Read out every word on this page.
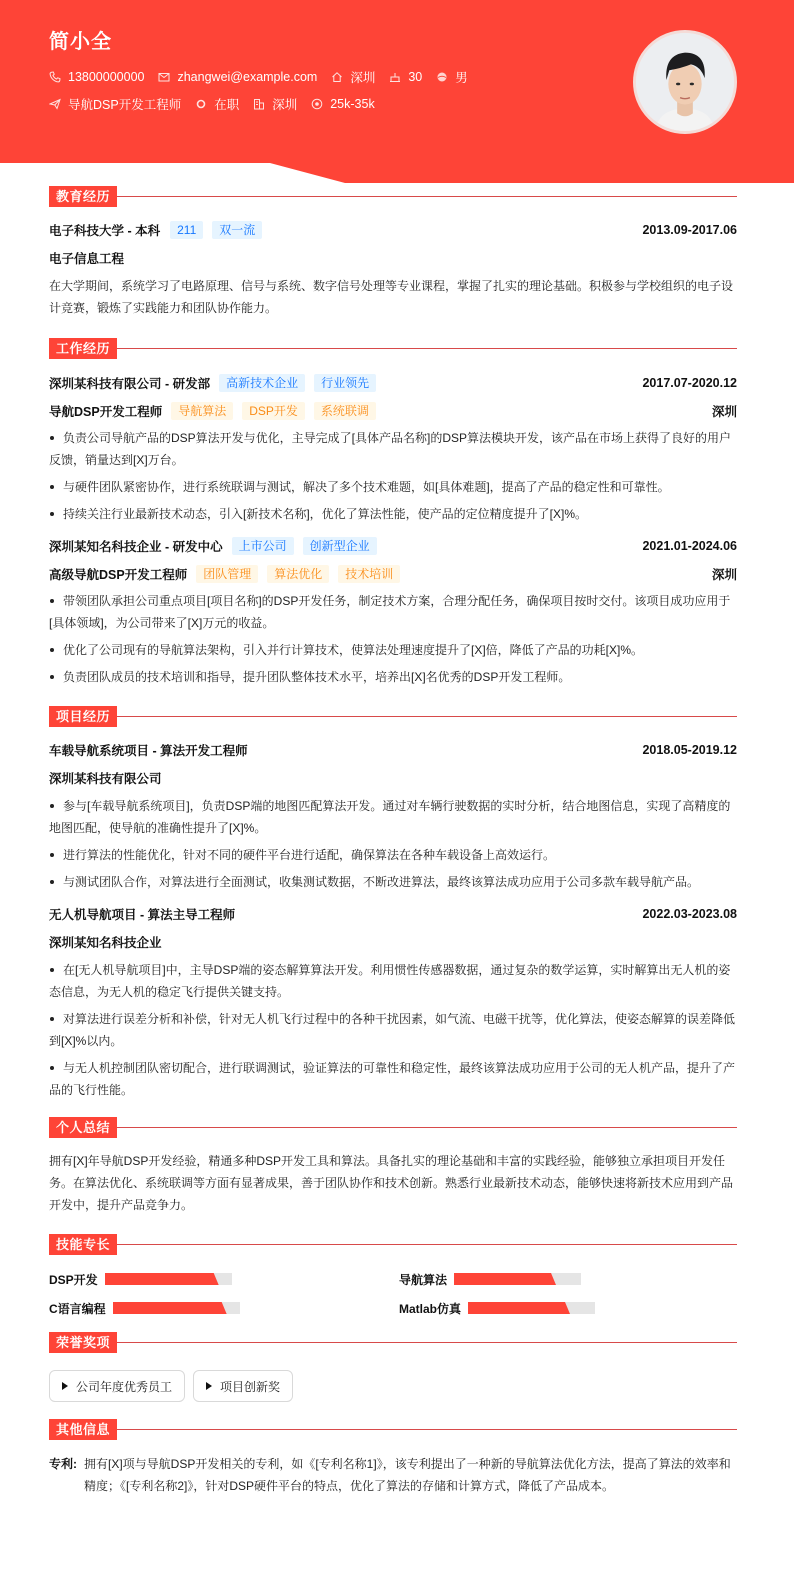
简小全
13800000000	zhangwei@example.com	深圳	30	男
导航DSP开发工程师	在职	深圳	25k-35k
教育经历
电子科技大学 - 本科	211	双一流	2013.09-2017.06
电子信息工程
在大学期间，系统学习了电路原理、信号与系统、数字信号处理等专业课程，掌握了扎实的理论基础。积极参与学校组织的电子设计竞赛，锻炼了实践能力和团队协作能力。
工作经历
深圳某科技有限公司 - 研发部	高新技术企业	行业领先	2017.07-2020.12
导航DSP开发工程师	导航算法	DSP开发	系统联调	深圳
负责公司导航产品的DSP算法开发与优化，主导完成了[具体产品名称]的DSP算法模块开发，该产品在市场上获得了良好的用户反馈，销量达到[X]万台。
与硬件团队紧密协作，进行系统联调与测试，解决了多个技术难题，如[具体难题]，提高了产品的稳定性和可靠性。
持续关注行业最新技术动态，引入[新技术名称]，优化了算法性能，使产品的定位精度提升了[X]%。
深圳某知名科技企业 - 研发中心	上市公司	创新型企业	2021.01-2024.06
高级导航DSP开发工程师	团队管理	算法优化	技术培训	深圳
带领团队承担公司重点项目[项目名称]的DSP开发任务，制定技术方案，合理分配任务，确保项目按时交付。该项目成功应用于[具体领域]，为公司带来了[X]万元的收益。
优化了公司现有的导航算法架构，引入并行计算技术，使算法处理速度提升了[X]倍，降低了产品的功耗[X]%。
负责团队成员的技术培训和指导，提升团队整体技术水平，培养出[X]名优秀的DSP开发工程师。
项目经历
车载导航系统项目 - 算法开发工程师	2018.05-2019.12
深圳某科技有限公司
参与[车载导航系统项目]，负责DSP端的地图匹配算法开发。通过对车辆行驶数据的实时分析，结合地图信息，实现了高精度的地图匹配，使导航的准确性提升了[X]%。
进行算法的性能优化，针对不同的硬件平台进行适配，确保算法在各种车载设备上高效运行。
与测试团队合作，对算法进行全面测试，收集测试数据，不断改进算法，最终该算法成功应用于公司多款车载导航产品。
无人机导航项目 - 算法主导工程师	2022.03-2023.08
深圳某知名科技企业
在[无人机导航项目]中，主导DSP端的姿态解算算法开发。利用惯性传感器数据，通过复杂的数学运算，实时解算出无人机的姿态信息，为无人机的稳定飞行提供关键支持。
对算法进行误差分析和补偿，针对无人机飞行过程中的各种干扰因素，如气流、电磁干扰等，优化算法，使姿态解算的误差降低到[X]%以内。
与无人机控制团队密切配合，进行联调测试，验证算法的可靠性和稳定性，最终该算法成功应用于公司的无人机产品，提升了产品的飞行性能。
个人总结
拥有[X]年导航DSP开发经验，精通多种DSP开发工具和算法。具备扎实的理论基础和丰富的实践经验，能够独立承担项目开发任务。在算法优化、系统联调等方面有显著成果，善于团队协作和技术创新。熟悉行业最新技术动态，能够快速将新技术应用到产品开发中，提升产品竞争力。
技能专长
DSP开发	导航算法
C语言编程	Matlab仿真
荣誉奖项
公司年度优秀员工	项目创新奖
其他信息
专利: 拥有[X]项与导航DSP开发相关的专利，如《[专利名称1]》，该专利提出了一种新的导航算法优化方法，提高了算法的效率和精度；《[专利名称2]》，针对DSP硬件平台的特点，优化了算法的存储和计算方式，降低了产品成本。
